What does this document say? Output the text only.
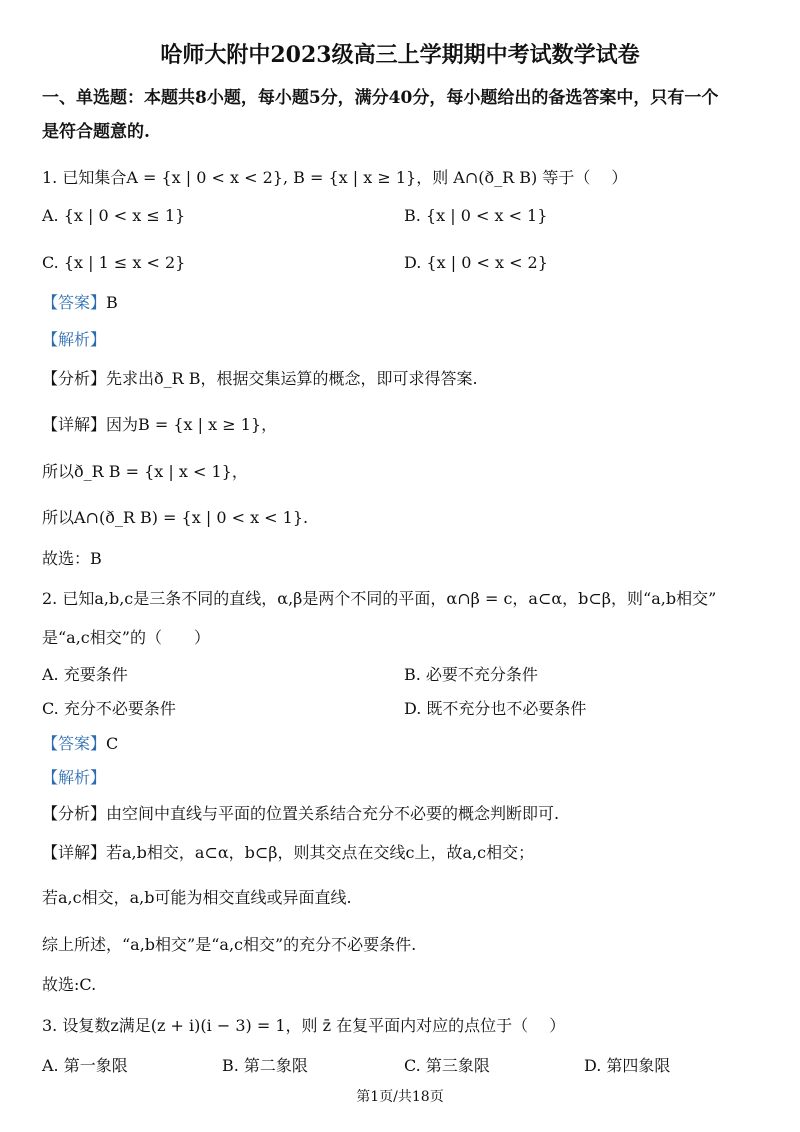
哈师大附中2023级高三上学期期中考试数学试卷
一、单选题：本题共8小题，每小题5分，满分40分，每小题给出的备选答案中，只有一个
是符合题意的.
1. 已知集合A = {x | 0 < x < 2}, B = {x | x ≥ 1}，则 A∩(ð_R B) 等于（　 ）
A. {x | 0 < x ≤ 1}	B. {x | 0 < x < 1}
C. {x | 1 ≤ x < 2}	D. {x | 0 < x < 2}
【答案】B
【解析】
【分析】先求出ð_R B，根据交集运算的概念，即可求得答案.
【详解】因为B = {x | x ≥ 1}，
所以ð_R B = {x | x < 1}，
所以A∩(ð_R B) = {x | 0 < x < 1}.
故选：B
2. 已知a,b,c是三条不同的直线，α,β是两个不同的平面，α∩β = c，a⊂α，b⊂β，则“a,b相交”
是“a,c相交”的（　　）
A. 充要条件	B. 必要不充分条件
C. 充分不必要条件	D. 既不充分也不必要条件
【答案】C
【解析】
【分析】由空间中直线与平面的位置关系结合充分不必要的概念判断即可.
【详解】若a,b相交，a⊂α，b⊂β，则其交点在交线c上，故a,c相交；
若a,c相交，a,b可能为相交直线或异面直线.
综上所述，“a,b相交”是“a,c相交”的充分不必要条件.
故选:C.
3. 设复数z满足(z + i)(i − 3) = 1，则 z̄ 在复平面内对应的点位于（　 ）
A. 第一象限	B. 第二象限	C. 第三象限	D. 第四象限
第1页/共18页
